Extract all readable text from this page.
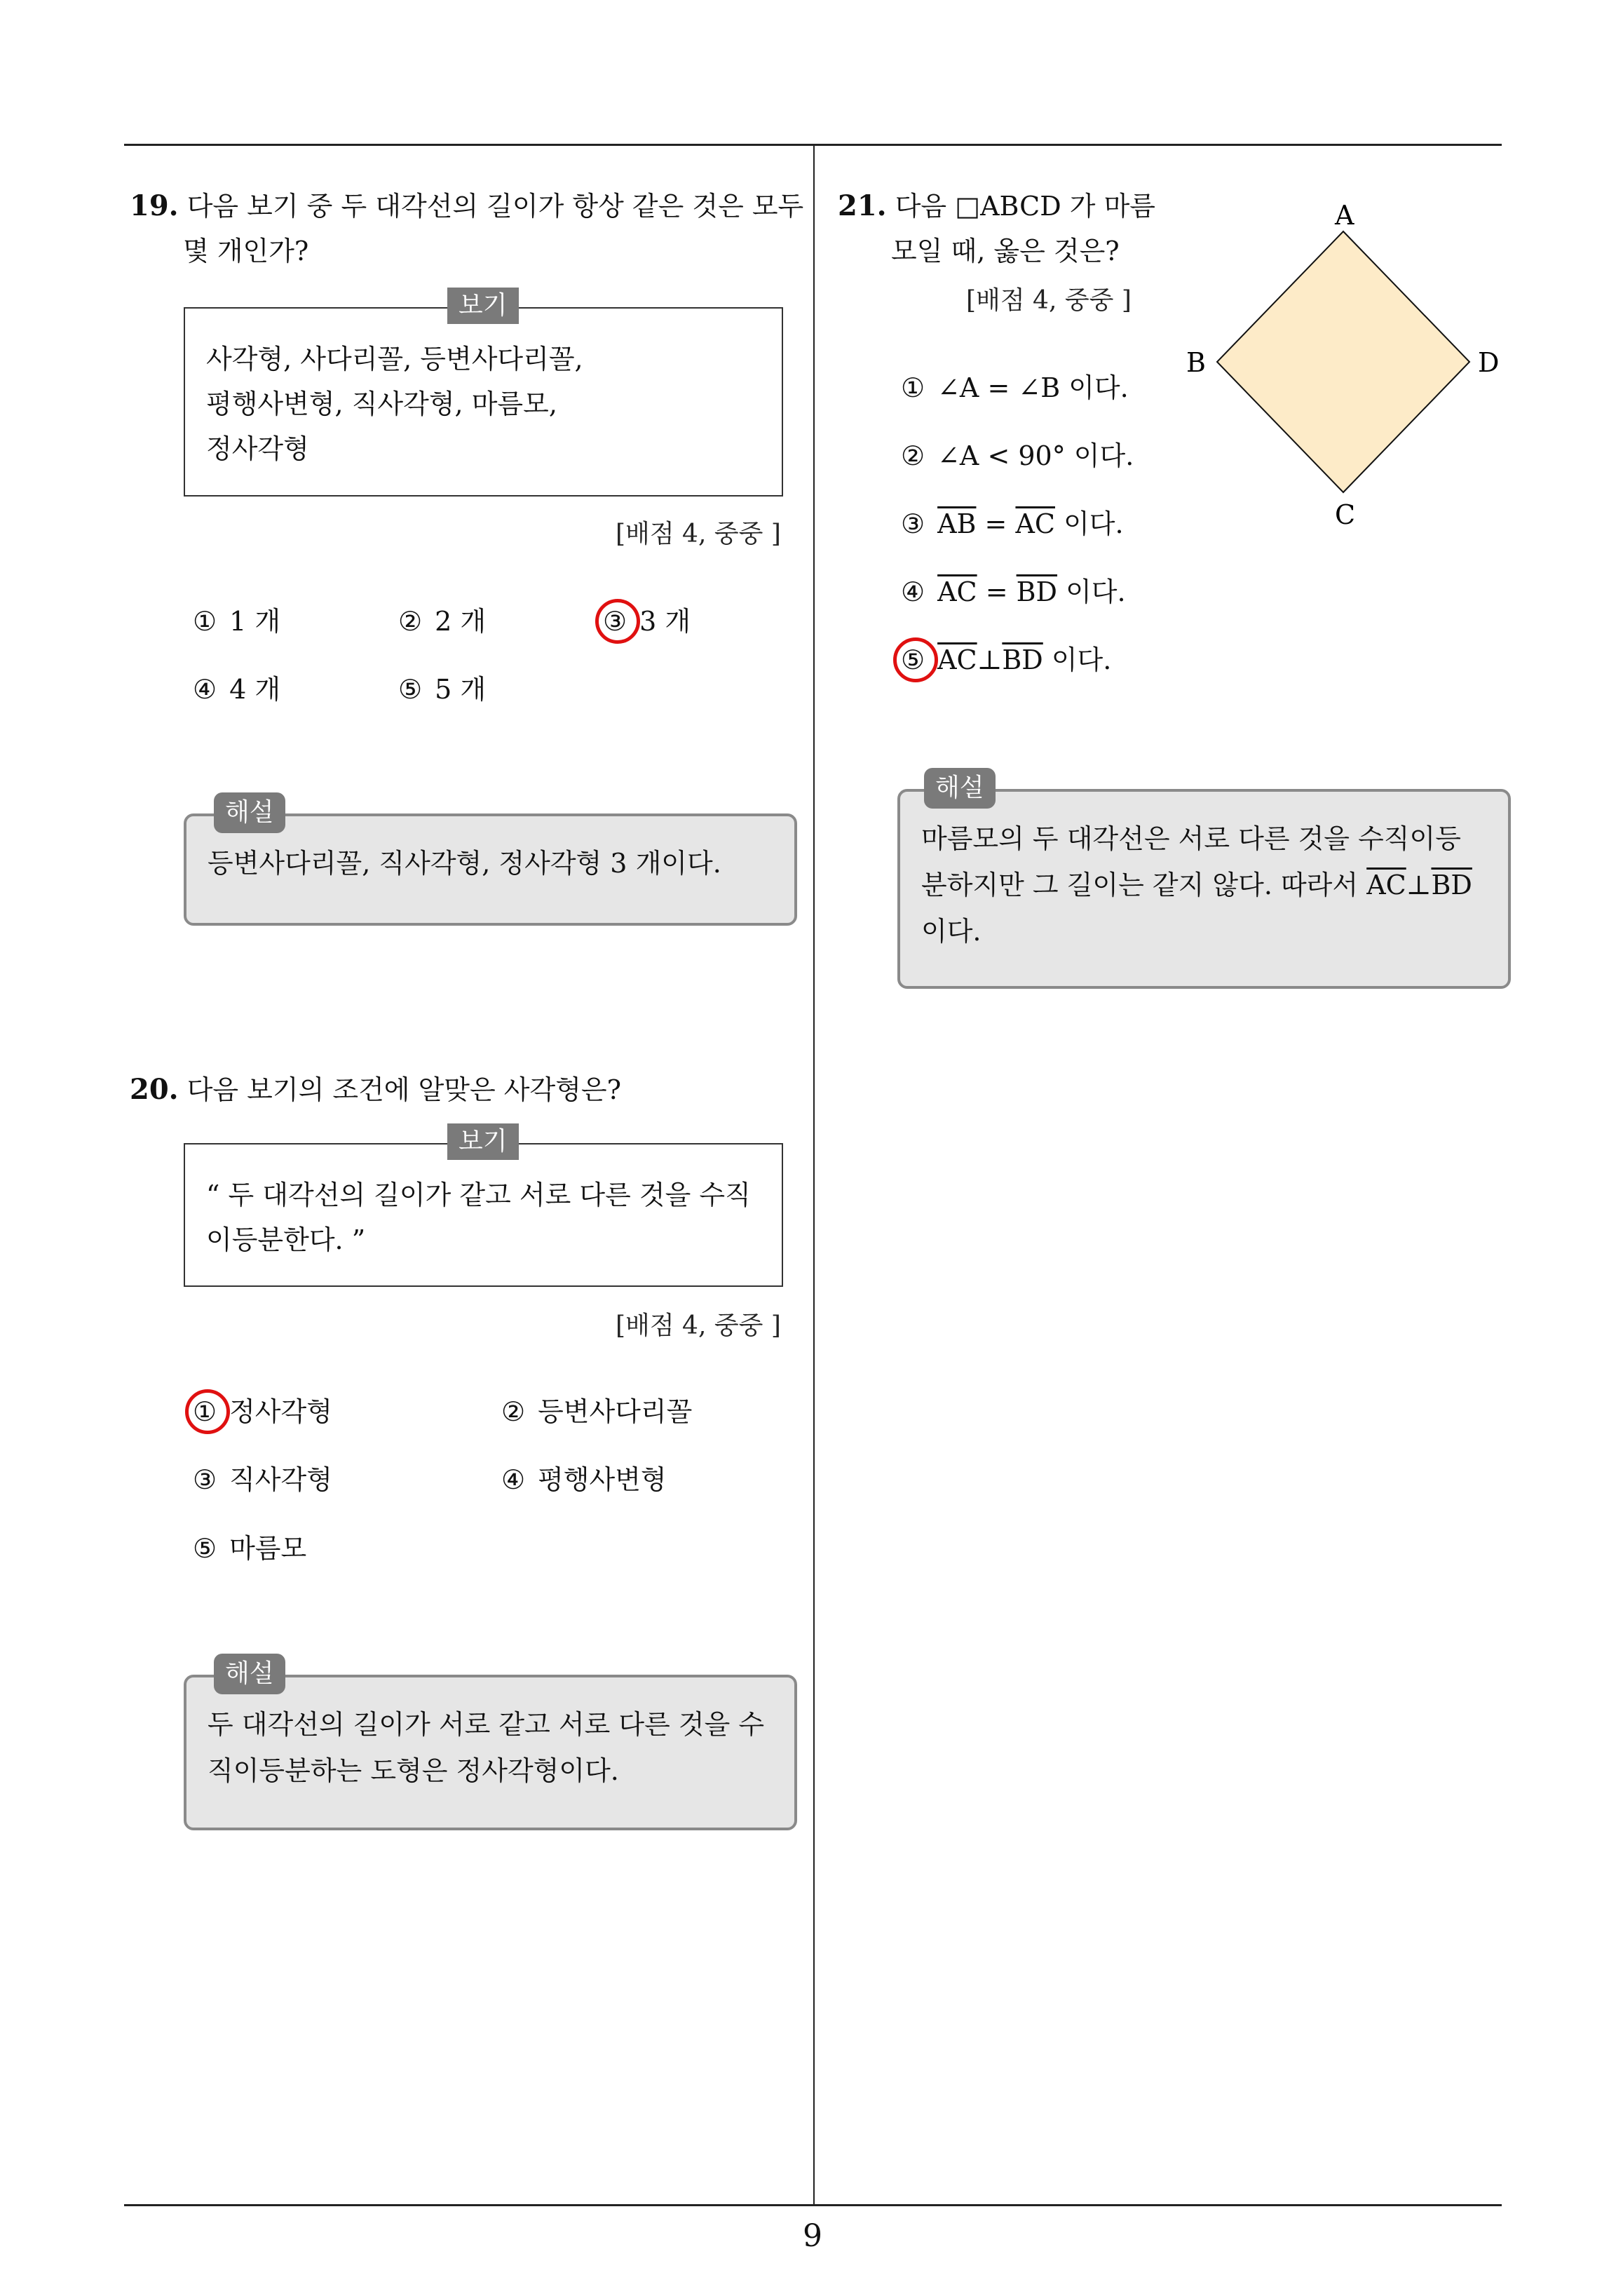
9
19. 다음 보기 중 두 대각선의 길이가 항상 같은 것은 모두
몇 개인가?
사각형, 사다리꼴, 등변사다리꼴,
평행사변형, 직사각형, 마름모,
정사각형
보기
[배점 4, 중중 ]
① 1 개	② 2 개	③ 3 개
④ 4 개	⑤ 5 개
등변사다리꼴, 직사각형, 정사각형 3 개이다.
해설
20. 다음 보기의 조건에 알맞은 사각형은?
“ 두 대각선의 길이가 같고 서로 다른 것을 수직
이등분한다. ”
보기
[배점 4, 중중 ]
① 정사각형	② 등변사다리꼴
③ 직사각형	④ 평행사변형
⑤ 마름모
두 대각선의 길이가 서로 같고 서로 다른 것을 수
직이등분하는 도형은 정사각형이다.
해설
21. 다음 □ABCD 가 마름
모일 때, 옳은 것은?
[배점 4, 중중 ]
A
B
C
D
① ∠A = ∠B 이다.
② ∠A < 90° 이다.
③ $\overline{AB} = \overline{AC}$ 이다.
④ $\overline{AC} = \overline{BD}$ 이다.
⑤ $\overline{AC}\perp\overline{BD}$ 이다.
마름모의 두 대각선은 서로 다른 것을 수직이등
분하지만 그 길이는 같지 않다. 따라서 $\overline{AC}\perp\overline{BD}$
이다.
해설
